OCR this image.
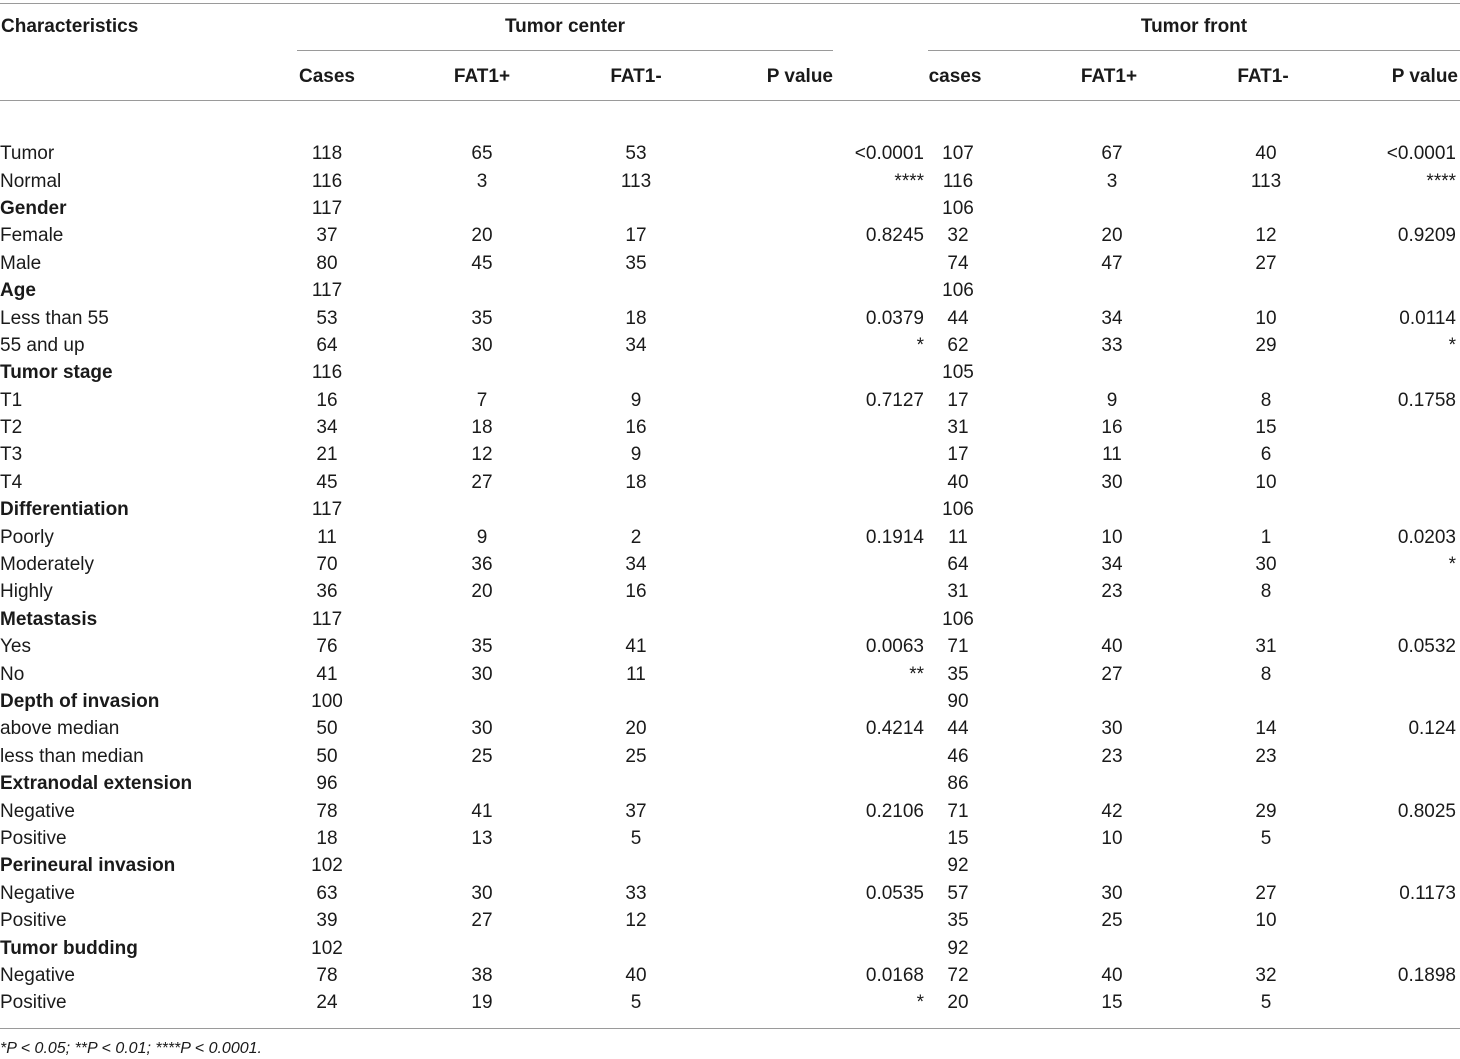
Characteristics	Tumor center	Tumor front
Cases	FAT1+	FAT1-	P value	cases	FAT1+	FAT1-	P value
Tumor	118		65		53		<0.0001	107		67		40		<0.0001
Normal	116		3		113		****	116		3		113		****
Gender	117							106						
Female	37		20		17		0.8245	32		20		12		0.9209
Male	80		45		35			74		47		27		
Age	117							106						
Less than 55	53		35		18		0.0379	44		34		10		0.0114
55 and up	64		30		34		*	62		33		29		*
Tumor stage	116							105						
T1	16		7		9		0.7127	17		9		8		0.1758
T2	34		18		16			31		16		15		
T3	21		12		9			17		11		6		
T4	45		27		18			40		30		10		
Differentiation	117							106						
Poorly	11		9		2		0.1914	11		10		1		0.0203
Moderately	70		36		34			64		34		30		*
Highly	36		20		16			31		23		8		
Metastasis	117							106						
Yes	76		35		41		0.0063	71		40		31		0.0532
No	41		30		11		**	35		27		8		
Depth of invasion	100							90						
above median	50		30		20		0.4214	44		30		14		0.124
less than median	50		25		25			46		23		23		
Extranodal extension	96							86						
Negative	78		41		37		0.2106	71		42		29		0.8025
Positive	18		13		5			15		10		5		
Perineural invasion	102							92						
Negative	63		30		33		0.0535	57		30		27		0.1173
Positive	39		27		12			35		25		10		
Tumor budding	102							92						
Negative	78		38		40		0.0168	72		40		32		0.1898
Positive	24		19		5		*	20		15		5		
*P < 0.05; **P < 0.01; ****P < 0.0001.
